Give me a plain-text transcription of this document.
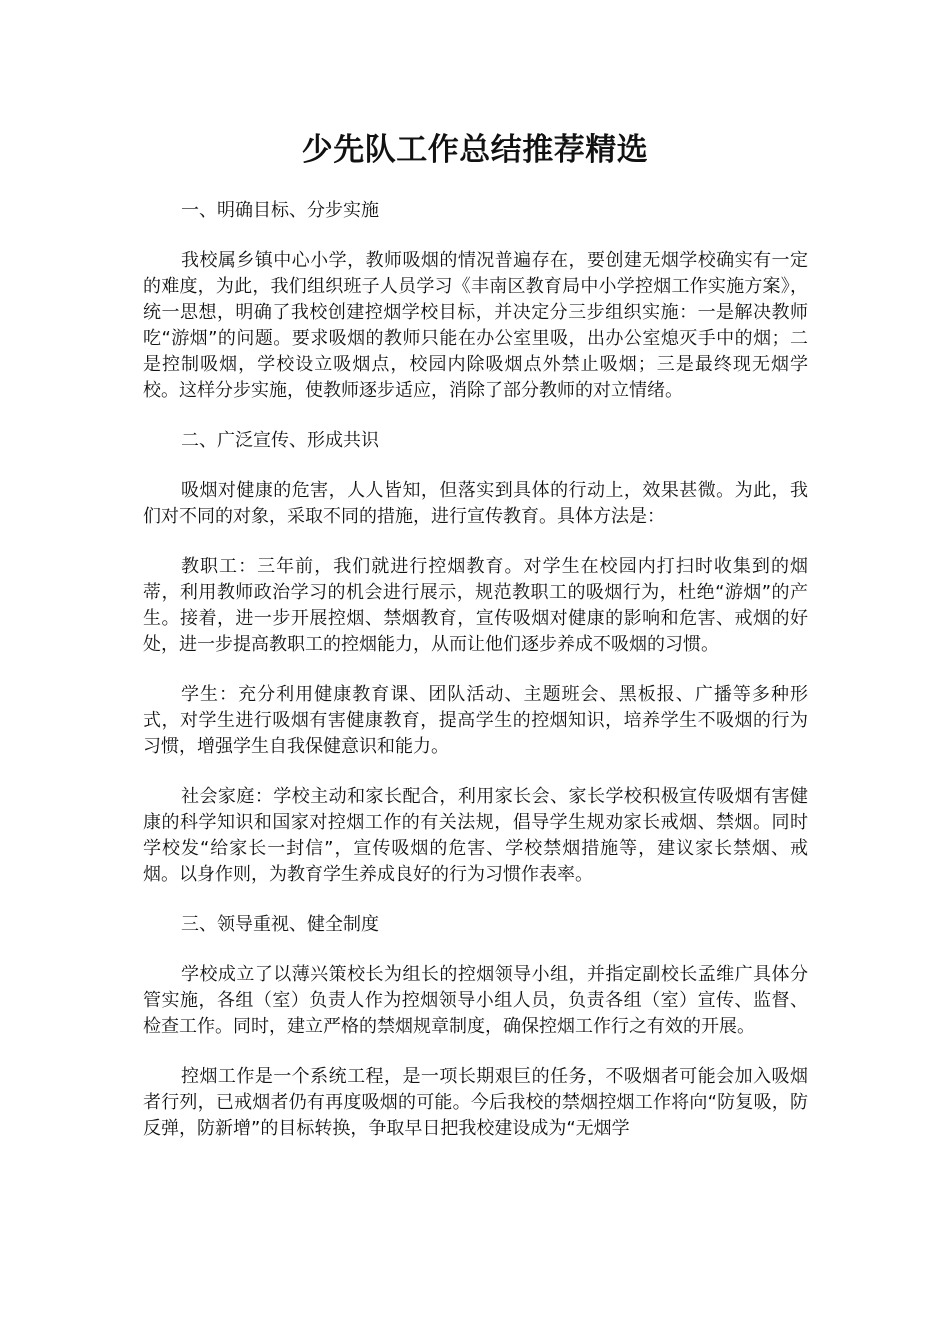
少先队工作总结推荐精选

一、明确目标、分步实施

我校属乡镇中心小学，教师吸烟的情况普遍存在，要创建无烟学校确实有一定的难度，为此，我们组织班子人员学习《丰南区教育局中小学控烟工作实施方案》，统一思想，明确了我校创建控烟学校目标，并决定分三步组织实施：一是解决教师吃“游烟”的问题。要求吸烟的教师只能在办公室里吸，出办公室熄灭手中的烟；二是控制吸烟，学校设立吸烟点，校园内除吸烟点外禁止吸烟；三是最终现无烟学校。这样分步实施，使教师逐步适应，消除了部分教师的对立情绪。

二、广泛宣传、形成共识

吸烟对健康的危害，人人皆知，但落实到具体的行动上，效果甚微。为此，我们对不同的对象，采取不同的措施，进行宣传教育。具体方法是：

教职工：三年前，我们就进行控烟教育。对学生在校园内打扫时收集到的烟蒂，利用教师政治学习的机会进行展示，规范教职工的吸烟行为，杜绝“游烟”的产生。接着，进一步开展控烟、禁烟教育，宣传吸烟对健康的影响和危害、戒烟的好处，进一步提高教职工的控烟能力，从而让他们逐步养成不吸烟的习惯。

学生：充分利用健康教育课、团队活动、主题班会、黑板报、广播等多种形式，对学生进行吸烟有害健康教育，提高学生的控烟知识，培养学生不吸烟的行为习惯，增强学生自我保健意识和能力。

社会家庭：学校主动和家长配合，利用家长会、家长学校积极宣传吸烟有害健康的科学知识和国家对控烟工作的有关法规，倡导学生规劝家长戒烟、禁烟。同时学校发“给家长一封信”，宣传吸烟的危害、学校禁烟措施等，建议家长禁烟、戒烟。以身作则，为教育学生养成良好的行为习惯作表率。

三、领导重视、健全制度

学校成立了以薄兴策校长为组长的控烟领导小组，并指定副校长孟维广具体分管实施，各组（室）负责人作为控烟领导小组人员，负责各组（室）宣传、监督、检查工作。同时，建立严格的禁烟规章制度，确保控烟工作行之有效的开展。

控烟工作是一个系统工程，是一项长期艰巨的任务，不吸烟者可能会加入吸烟者行列，已戒烟者仍有再度吸烟的可能。今后我校的禁烟控烟工作将向“防复吸，防反弹，防新增”的目标转换，争取早日把我校建设成为“无烟学
